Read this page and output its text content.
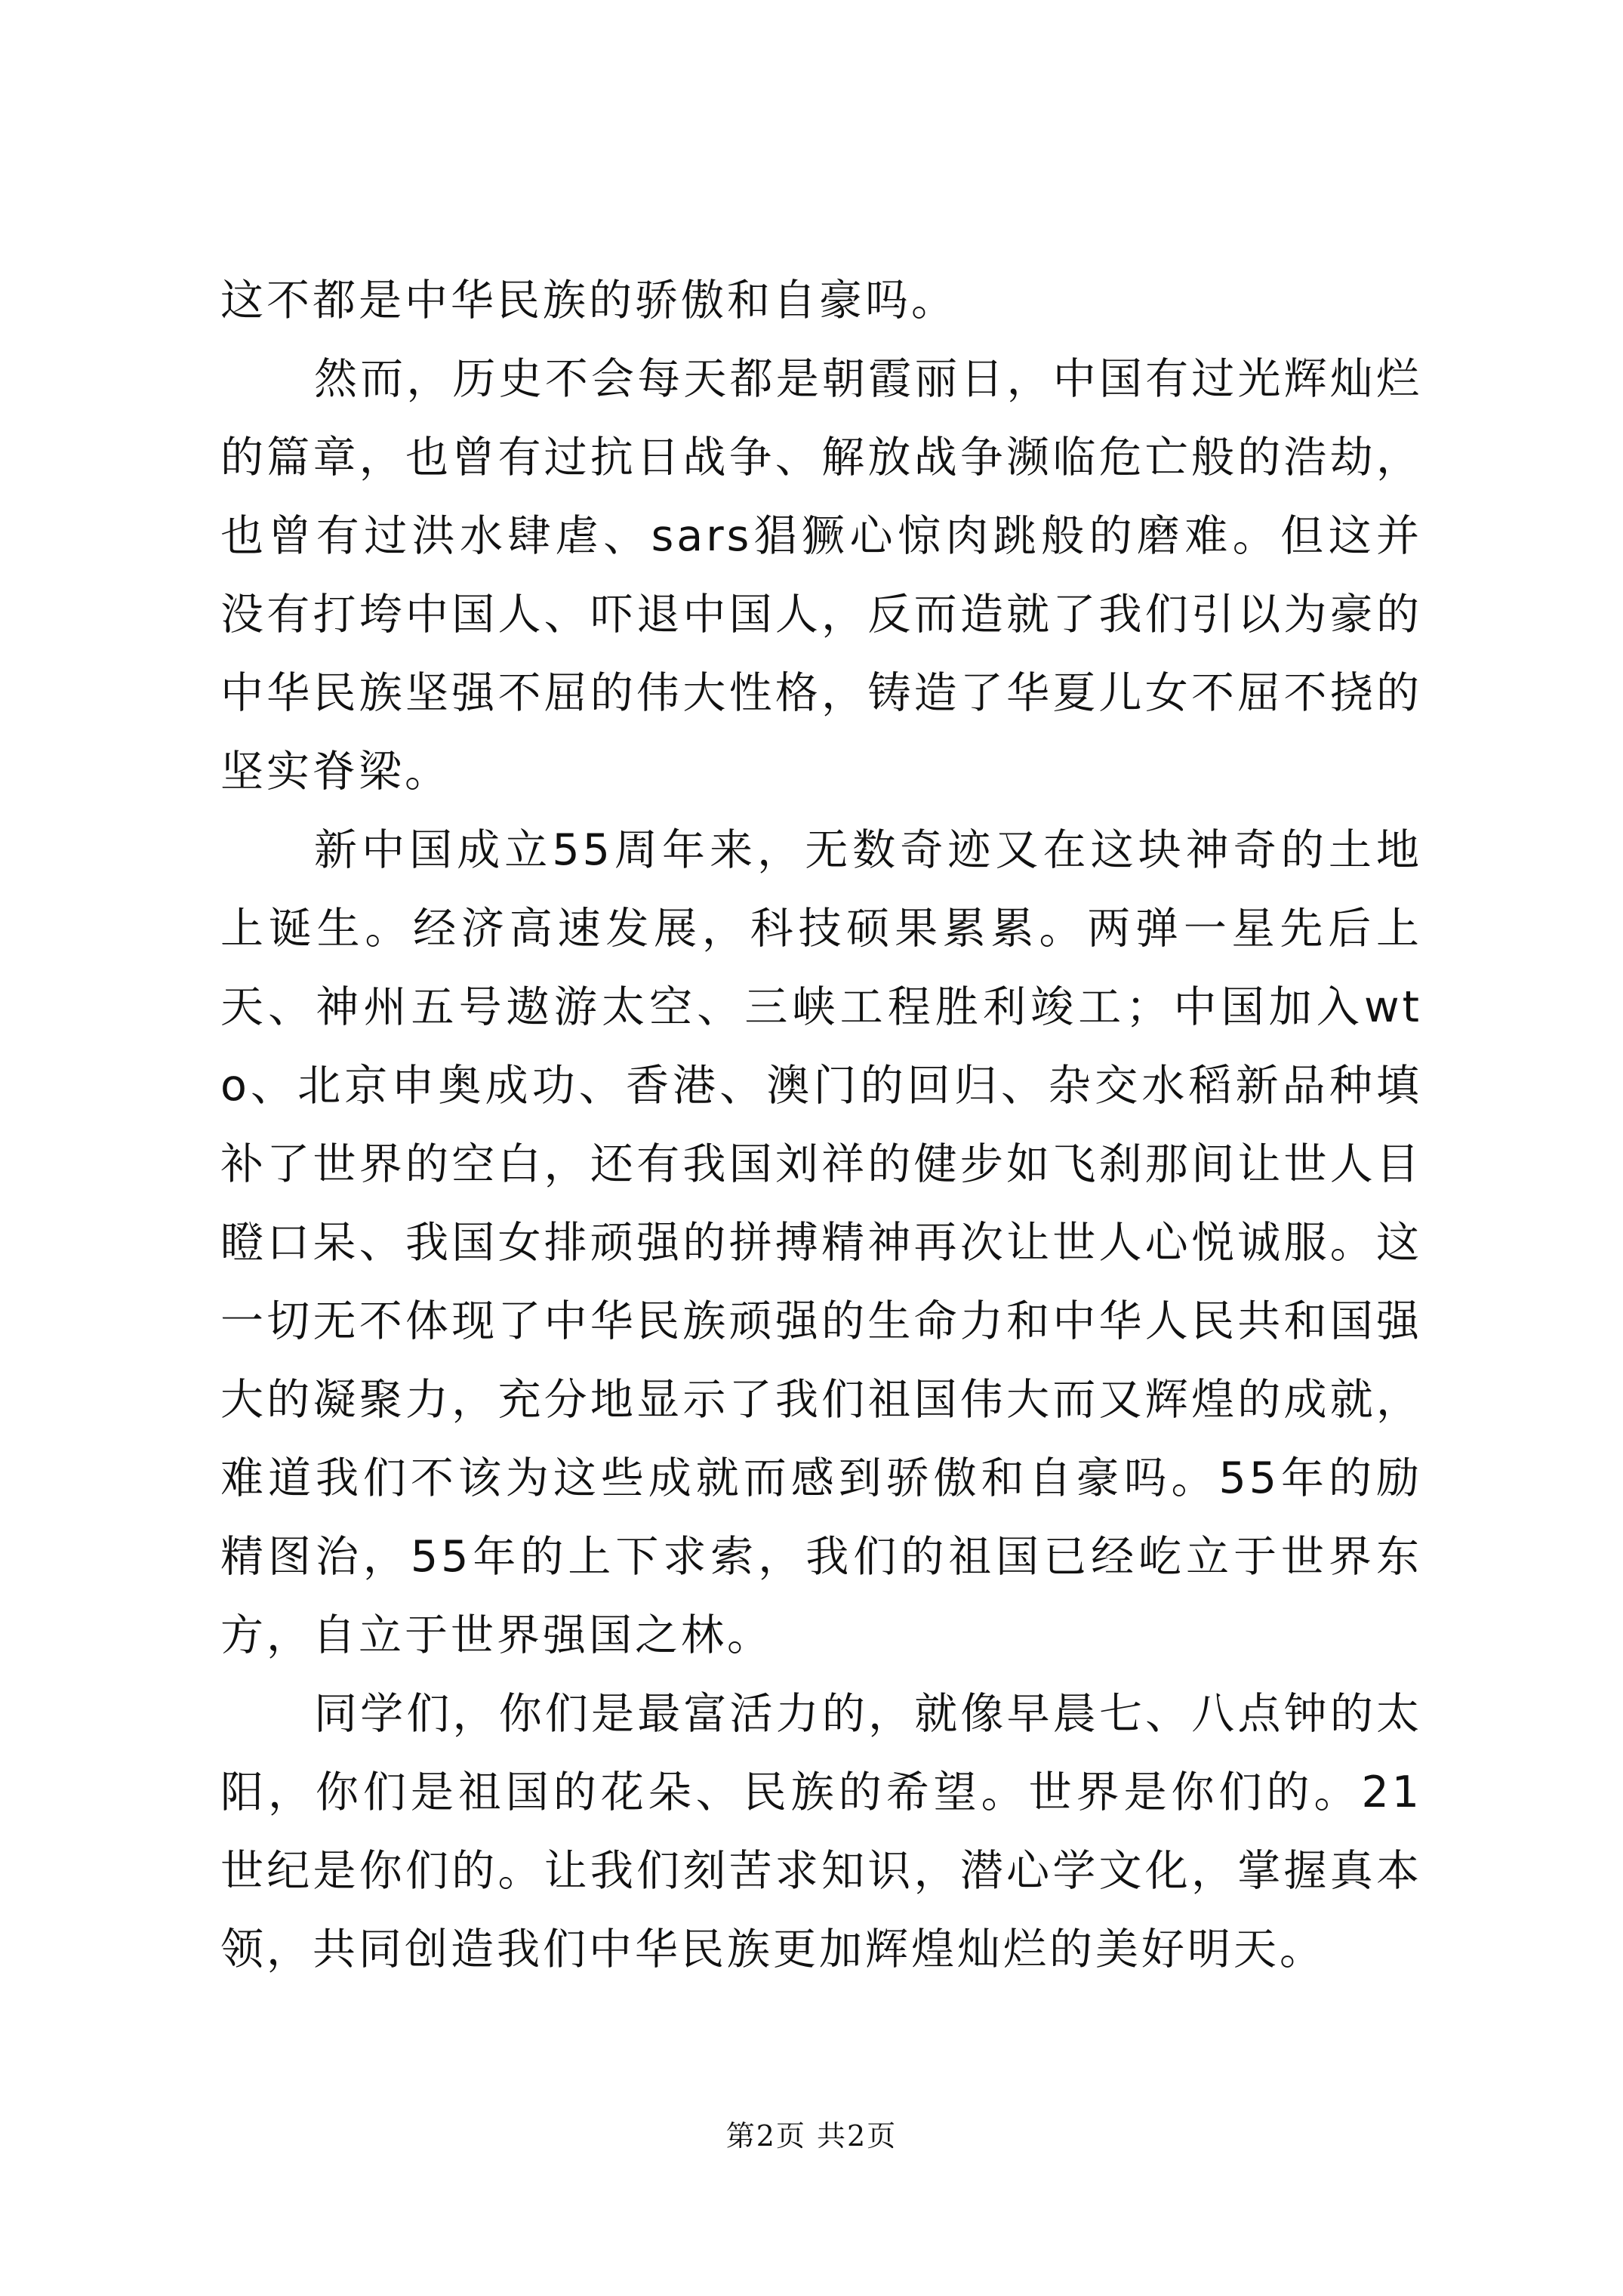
这不都是中华民族的骄傲和自豪吗。

然而，历史不会每天都是朝霞丽日，中国有过光辉灿烂的篇章，也曾有过抗日战争、解放战争濒临危亡般的浩劫，也曾有过洪水肆虐、sars猖獗心惊肉跳般的磨难。但这并没有打垮中国人、吓退中国人，反而造就了我们引以为豪的中华民族坚强不屈的伟大性格，铸造了华夏儿女不屈不挠的坚实脊梁。

新中国成立55周年来，无数奇迹又在这块神奇的土地上诞生。经济高速发展，科技硕果累累。两弹一星先后上天、神州五号遨游太空、三峡工程胜利竣工；中国加入wto、北京申奥成功、香港、澳门的回归、杂交水稻新品种填补了世界的空白，还有我国刘祥的健步如飞刹那间让世人目瞪口呆、我国女排顽强的拼搏精神再次让世人心悦诚服。这一切无不体现了中华民族顽强的生命力和中华人民共和国强大的凝聚力，充分地显示了我们祖国伟大而又辉煌的成就，难道我们不该为这些成就而感到骄傲和自豪吗。55年的励精图治，55年的上下求索，我们的祖国已经屹立于世界东方，自立于世界强国之林。

同学们，你们是最富活力的，就像早晨七、八点钟的太阳，你们是祖国的花朵、民族的希望。世界是你们的。21世纪是你们的。让我们刻苦求知识，潜心学文化，掌握真本领，共同创造我们中华民族更加辉煌灿烂的美好明天。

第2页 共2页
